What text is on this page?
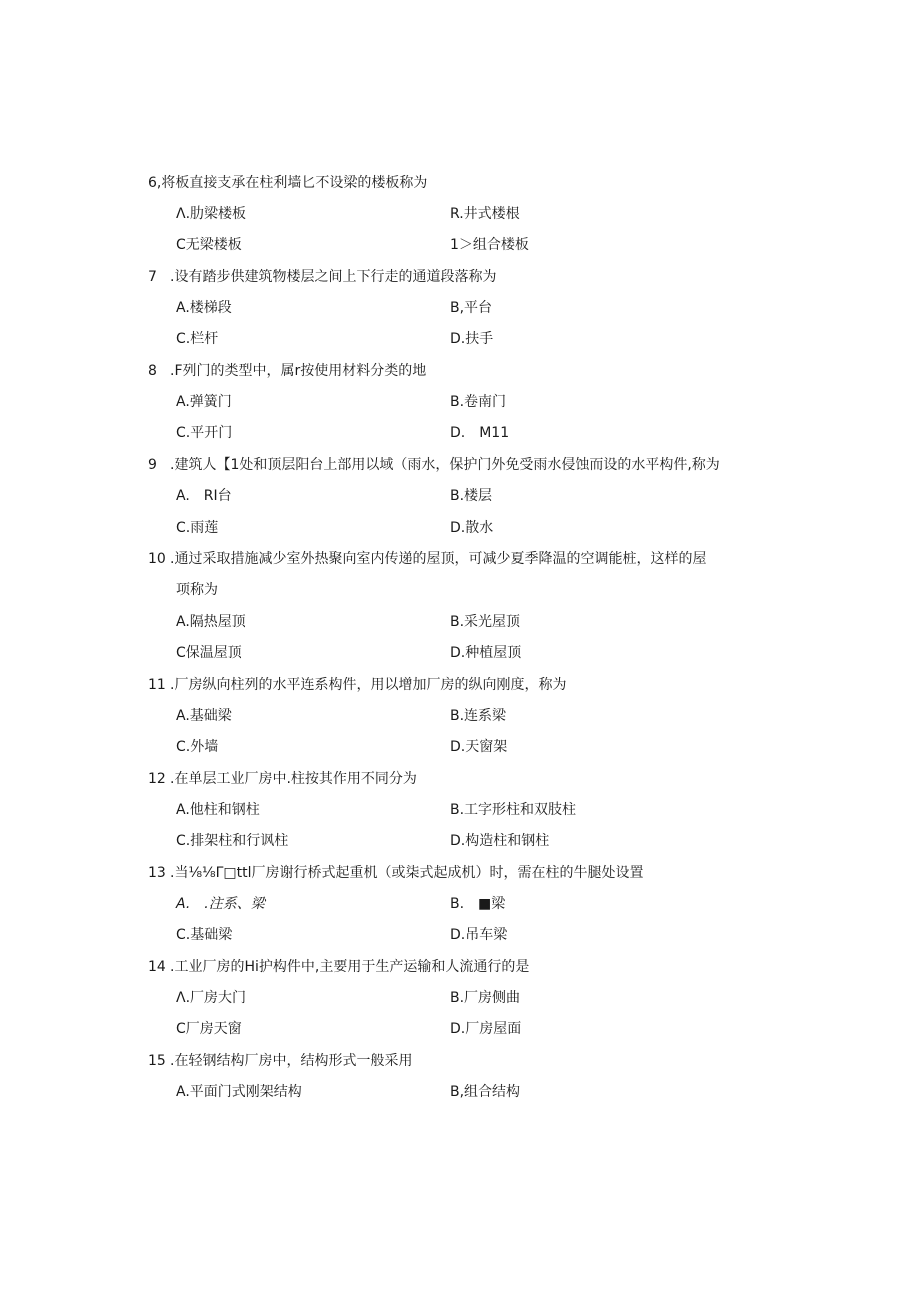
6,将板直接支承在柱利墙匕不设梁的楼板称为
Λ.肋梁楼板	R.井式楼根
C无梁楼板	1＞组合楼板
7 .设有踏步供建筑物楼层之间上下行走的通道段落称为
A.楼梯段	B,平台
C.栏杆	D.扶手
8 .F列门的类型中，属r按使用材料分类的地
A.弹簧门	B.卷南门
C.平开门	D.　M11
9 .建筑人【1处和顶层阳台上部用以域（雨水，保护门外免受雨水侵蚀而设的水平构件,称为
A.　RI台	B.楼层
C.雨莲	D.散水
10 .通过采取措施减少室外热聚向室内传递的屋顶，可减少夏季降温的空调能桩，这样的屋
项称为
A.隔热屋顶	B.采光屋顶
C保温屋顶	D.种植屋顶
11 .厂房纵向柱列的水平连系构件，用以增加厂房的纵向刚度，称为
A.基础梁	B.连系梁
C.外墙	D.天窗架
12 .在单层工业厂房中.柱按其作用不同分为
A.他柱和钢柱	B.工字形柱和双肢柱
C.排架柱和行讽柱	D.构造柱和钢柱
13 .当⅛⅛Γ□ttl厂房谢行桥式起重机（或柒式起成机）时，需在柱的牛腿处设置
A.　.注系、梁	B.　■梁
C.基础梁	D.吊车梁
14 .工业厂房的Hi护构件中,主要用于生产运输和人流通行的是
Λ.厂房大门	B.厂房侧曲
C厂房天窗	D.厂房屋面
15 .在轻钢结构厂房中，结构形式一般采用
A.平面门式刚架结构	B,组合结构
